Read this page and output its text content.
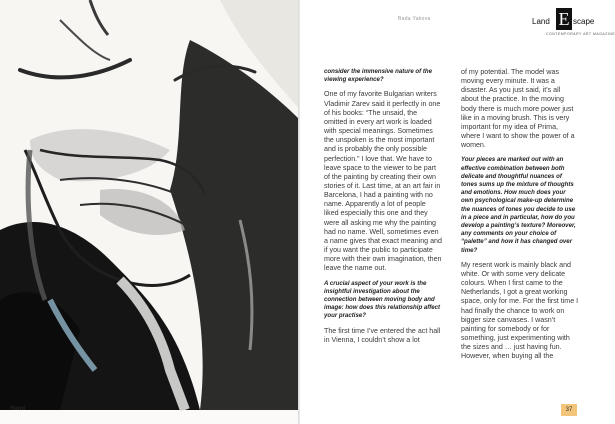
Hand
Bada Yakova	Land E scape
CONTEMPORARY ART MAGAZINE

consider the immensive nature of the viewing experience?

One of my favorite Bulgarian writers Vladimir Zarev said it perfectly in one of his books: “The unsaid, the omitted in every art work is loaded with special meanings. Sometimes the unspoken is the most important and is probably the only possible perfection.” I love that. We have to leave space to the viewer to be part of the painting by creating their own stories of it. Last time, at an art fair in Barcelona, I had a painting with no name. Apparently a lot of people liked especially this one and they were all asking me why the painting had no name. Well, sometimes even a name gives that exact meaning and if you want the public to participate more with their own imagination, then leave the name out.

A crucial aspect of your work is the insightful investigation about the connection between moving body and image: how does this relationship affect your practise?

The first time I’ve entered the act hall in Vienna, I couldn’t show a lot

of my potential. The model was moving every minute. It was a disaster. As you just said, it’s all about the practice. In the moving body there is much more power just like in a moving brush. This is very important for my idea of Prima, where I want to show the power of a women.

Your pieces are marked out with an effective combination between both delicate and thoughtful nuances of tones sums up the mixture of thoughts and emotions. How much does your own psychological make-up determine the nuances of tones you decide to use in a piece and in particular, how do you develop a painting’s texture? Moreover, any comments on your choice of “palette” and how it has changed over time?

My resent work is mainly black and white. Or with some very delicate colours. When I first came to the Netherlands, I got a great working space, only for me. For the first time I had finally the chance to work on bigger size canvases. I wasn’t painting for somebody or for something, just experimenting with the sizes and … just having fun. However, when buying all the

37
